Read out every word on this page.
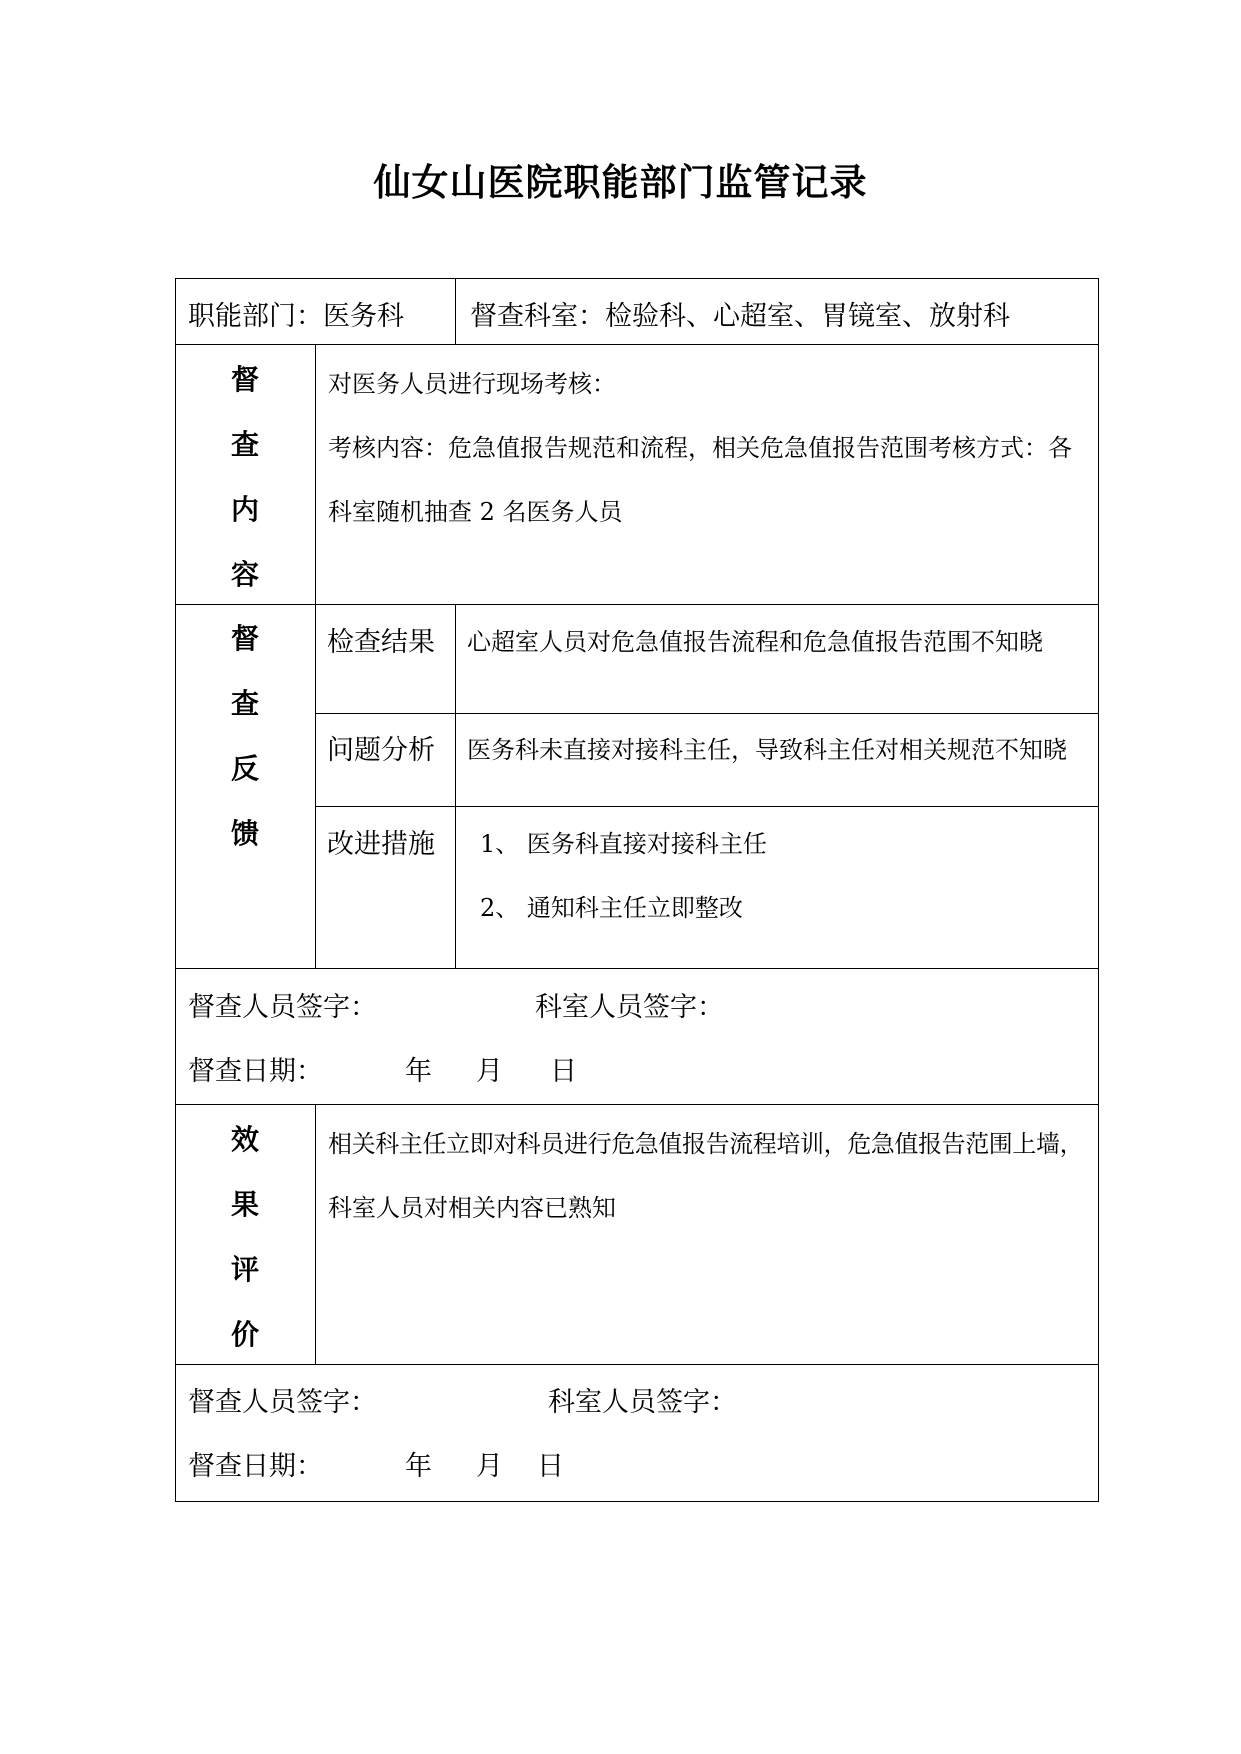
仙女山医院职能部门监管记录
职能部门：医务科 督查科室：检验科、心超室、胃镜室、放射科
督
查
内
容
对医务人员进行现场考核：
考核内容：危急值报告规范和流程，相关危急值报告范围考核方式：各
科室随机抽查 2 名医务人员
督
查
反
馈
检查结果 心超室人员对危急值报告流程和危急值报告范围不知晓
问题分析 医务科未直接对接科主任，导致科主任对相关规范不知晓
改进措施 1、 医务科直接对接科主任
2、 通知科主任立即整改
督查人员签字：	科室人员签字：
督查日期：	年 月 日
效
果
评
价
相关科主任立即对科员进行危急值报告流程培训，危急值报告范围上墙，
科室人员对相关内容已熟知
督查人员签字：	科室人员签字：
督查日期：	年 月 日
